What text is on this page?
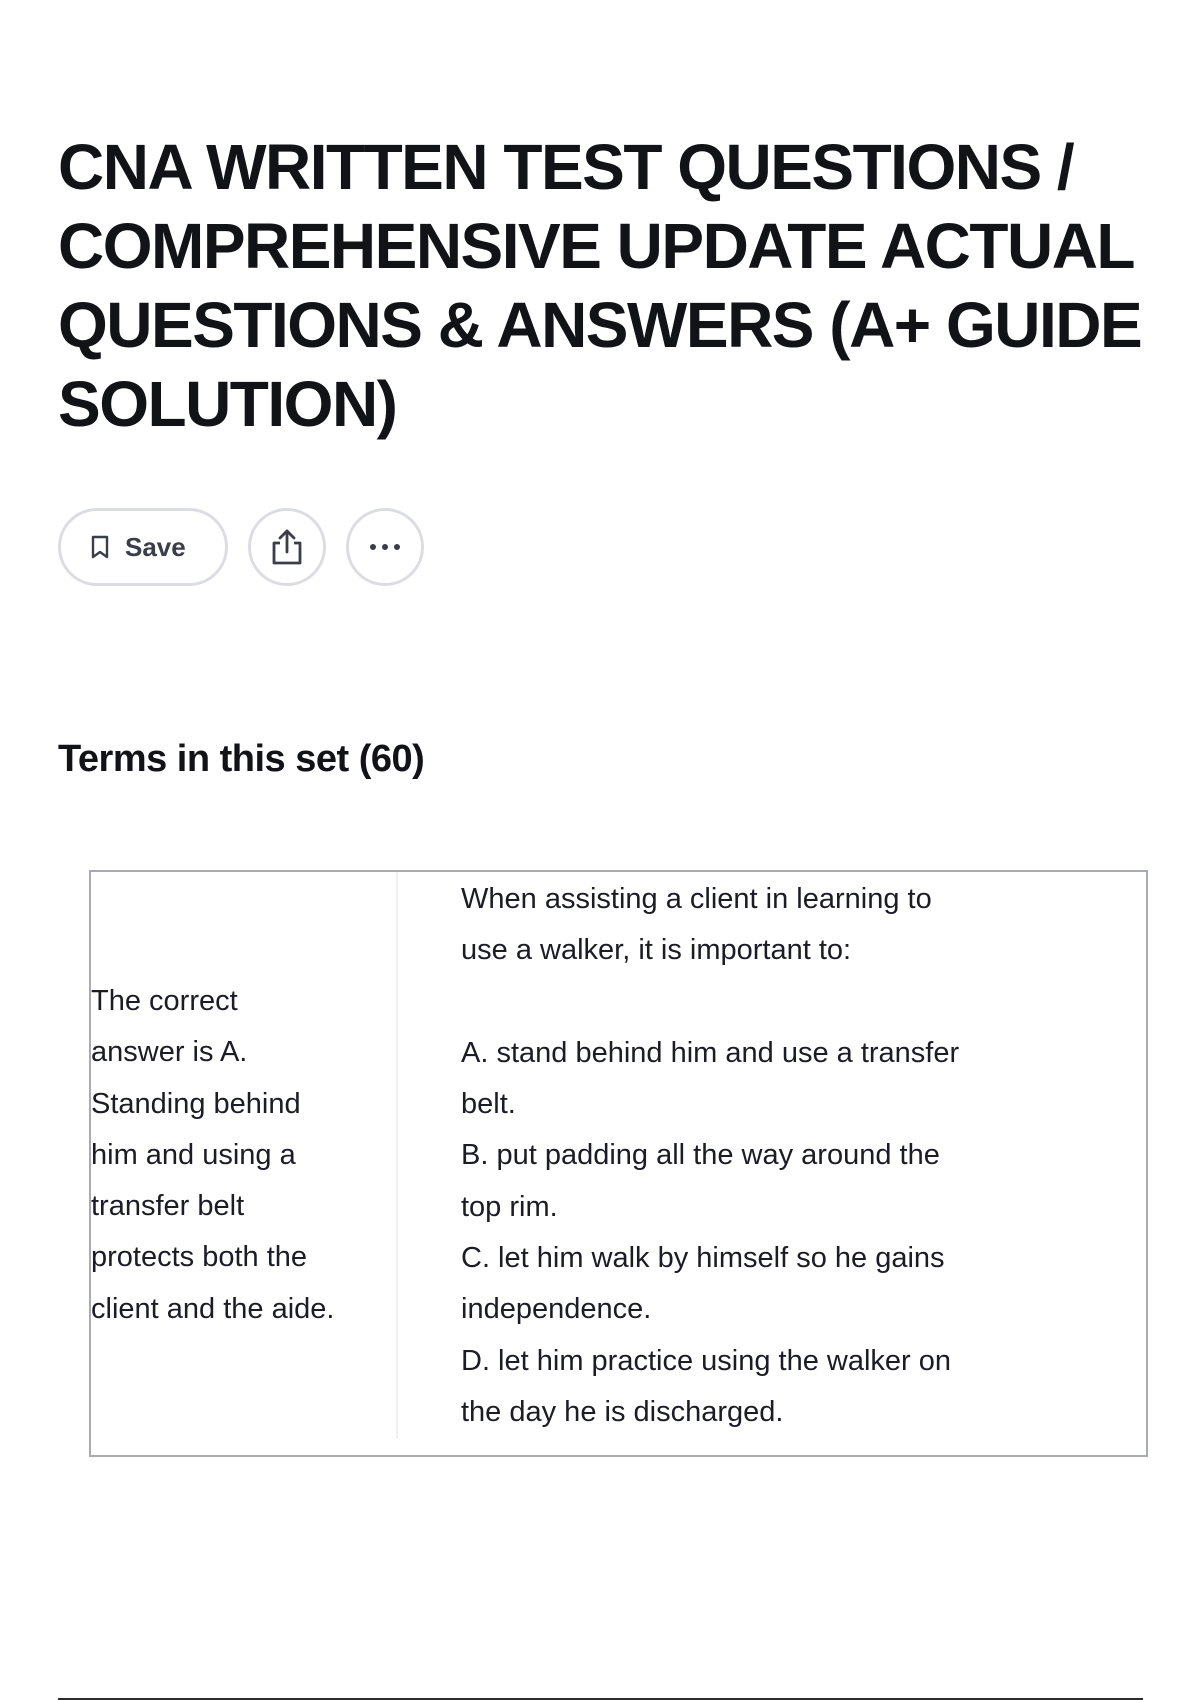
CNA WRITTEN TEST QUESTIONS / COMPREHENSIVE UPDATE ACTUAL QUESTIONS & ANSWERS (A+ GUIDE SOLUTION)
Save
Terms in this set (60)
The correct
answer is A.
Standing behind
him and using a
transfer belt
protects both the
client and the aide.
When assisting a client in learning to
use a walker, it is important to:

A. stand behind him and use a transfer
belt.
B. put padding all the way around the
top rim.
C. let him walk by himself so he gains
independence.
D. let him practice using the walker on
the day he is discharged.
